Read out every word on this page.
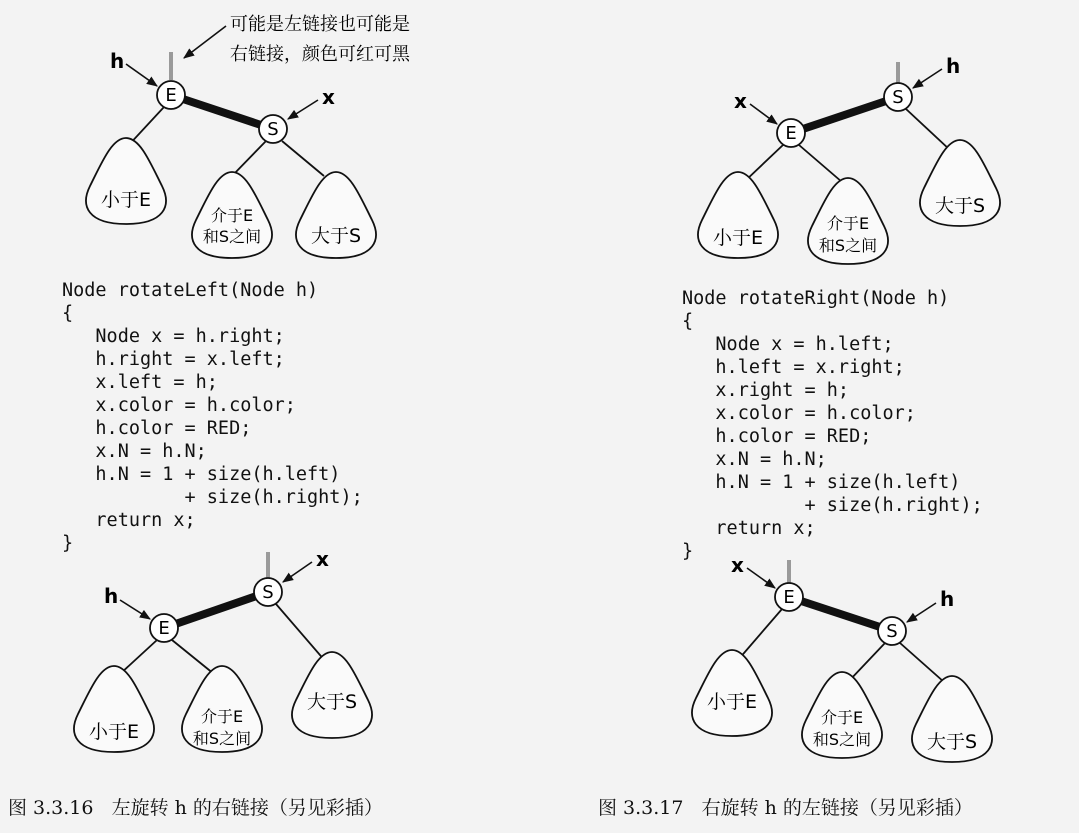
可能是左链接也可能是
右链接，颜色可红可黑
小于E
介于E
和S之间	大于S
E
S
h
x
大于S
小于E
介于E
和S之间
S
E
h
x
大于S
小于E
介于E
和S之间
S
E
h
x
小于E
介于E
和S之间	大于S
E
S
x
h
Node rotateLeft(Node h)
{
Node x = h.right;
h.right = x.left;
x.left = h;
x.color = h.color;
h.color = RED;
x.N = h.N;
h.N = 1 + size(h.left)
+ size(h.right);
return x;
}
Node rotateRight(Node h)
{
Node x = h.left;
h.left = x.right;
x.right = h;
x.color = h.color;
h.color = RED;
x.N = h.N;
h.N = 1 + size(h.left)
+ size(h.right);
return x;
}
图 3.3.16   左旋转 h 的右链接（另见彩插）	图 3.3.17   右旋转 h 的左链接（另见彩插）
